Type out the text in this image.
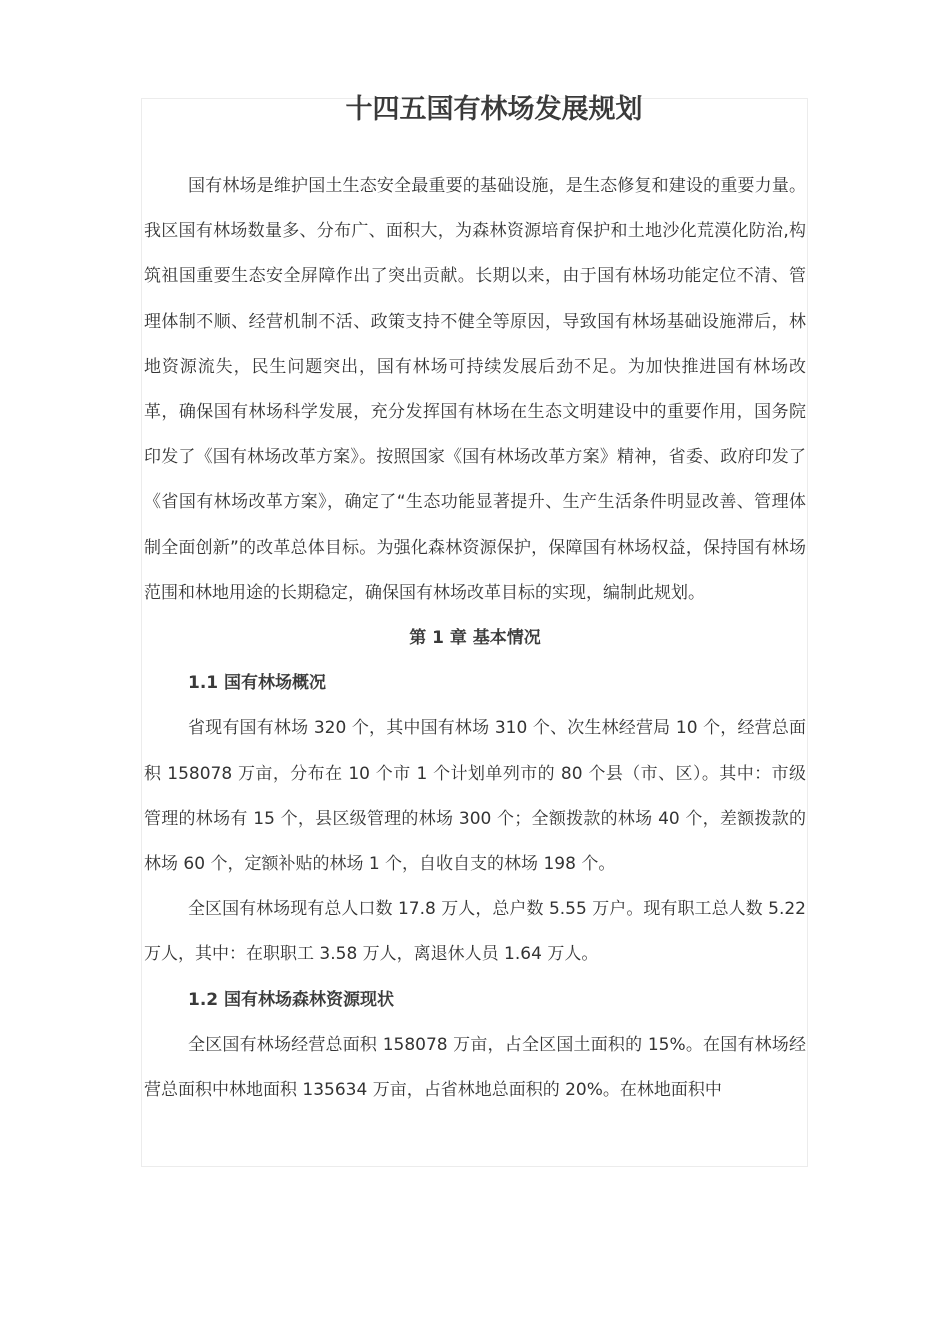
十四五国有林场发展规划

国有林场是维护国土生态安全最重要的基础设施，是生态修复和建设的重要力量。我区国有林场数量多、分布广、面积大，为森林资源培育保护和土地沙化荒漠化防治,构筑祖国重要生态安全屏障作出了突出贡献。长期以来，由于国有林场功能定位不清、管理体制不顺、经营机制不活、政策支持不健全等原因，导致国有林场基础设施滞后，林地资源流失，民生问题突出，国有林场可持续发展后劲不足。为加快推进国有林场改革，确保国有林场科学发展，充分发挥国有林场在生态文明建设中的重要作用，国务院印发了《国有林场改革方案》。按照国家《国有林场改革方案》精神，省委、政府印发了《省国有林场改革方案》，确定了“生态功能显著提升、生产生活条件明显改善、管理体制全面创新”的改革总体目标。为强化森林资源保护，保障国有林场权益，保持国有林场范围和林地用途的长期稳定，确保国有林场改革目标的实现，编制此规划。

第 1 章 基本情况

1.1 国有林场概况

省现有国有林场 320 个，其中国有林场 310 个、次生林经营局 10 个，经营总面积 158078 万亩，分布在 10 个市 1 个计划单列市的 80 个县（市、区）。其中：市级管理的林场有 15 个，县区级管理的林场 300 个；全额拨款的林场 40 个，差额拨款的林场 60 个，定额补贴的林场 1 个，自收自支的林场 198 个。

全区国有林场现有总人口数 17.8 万人，总户数 5.55 万户。现有职工总人数 5.22 万人，其中：在职职工 3.58 万人，离退休人员 1.64 万人。

1.2 国有林场森林资源现状

全区国有林场经营总面积 158078 万亩，占全区国土面积的 15%。在国有林场经营总面积中林地面积 135634 万亩，占省林地总面积的 20%。在林地面积中
